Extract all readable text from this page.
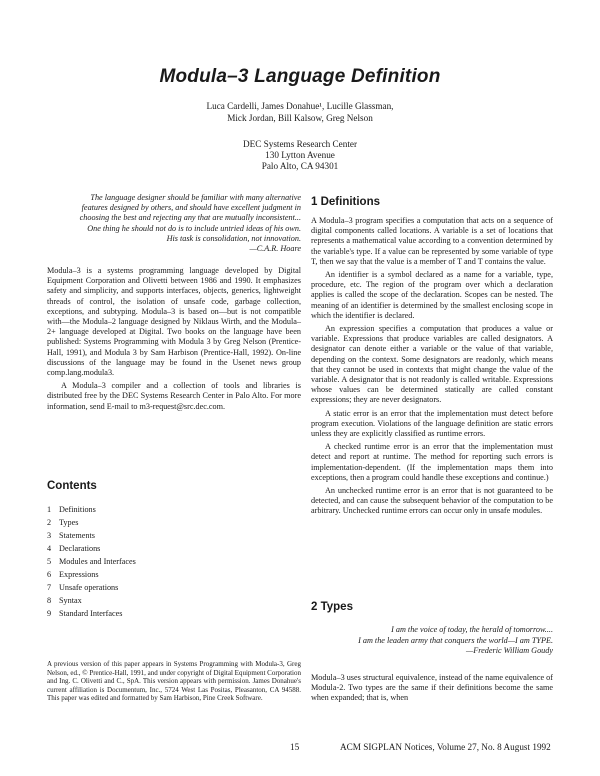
Modula–3 Language Definition
Luca Cardelli, James Donahue¹, Lucille Glassman,
Mick Jordan, Bill Kalsow, Greg Nelson
DEC Systems Research Center
130 Lytton Avenue
Palo Alto, CA 94301
The language designer should be familiar with many alternative features designed by others, and should have excellent judgment in choosing the best and rejecting any that are mutually inconsistent... One thing he should not do is to include untried ideas of his own. His task is consolidation, not innovation.
—C.A.R. Hoare

Modula–3 is a systems programming language developed by Digital Equipment Corporation and Olivetti between 1986 and 1990. It emphasizes safety and simplicity, and supports interfaces, objects, generics, lightweight threads of control, the isolation of unsafe code, garbage collection, exceptions, and subtyping. Modula–3 is based on—but is not compatible with—the Modula–2 language designed by Niklaus Wirth, and the Modula–2+ language developed at Digital. Two books on the language have been published: Systems Programming with Modula 3 by Greg Nelson (Prentice-Hall, 1991), and Modula 3 by Sam Harbison (Prentice-Hall, 1992). On-line discussions of the language may be found in the Usenet news group comp.lang.modula3.

A Modula–3 compiler and a collection of tools and libraries is distributed free by the DEC Systems Research Center in Palo Alto. For more information, send E-mail to m3-request@src.dec.com.

Contents
1 Definitions
2 Types
3 Statements
4 Declarations
5 Modules and Interfaces
6 Expressions
7 Unsafe operations
8 Syntax
9 Standard Interfaces
A previous version of this paper appears in Systems Programming with Modula-3, Greg Nelson, ed., © Prentice-Hall, 1991, and under copyright of Digital Equipment Corporation and Ing. C. Olivetti and C., SpA. This version appears with permission. James Donahue's current affiliation is Documentum, Inc., 5724 West Las Positas, Pleasanton, CA 94588. This paper was edited and formatted by Sam Harbison, Pine Creek Software.
1 Definitions

A Modula–3 program specifies a computation that acts on a sequence of digital components called locations. A variable is a set of locations that represents a mathematical value according to a convention determined by the variable's type. If a value can be represented by some variable of type T, then we say that the value is a member of T and T contains the value.

An identifier is a symbol declared as a name for a variable, type, procedure, etc. The region of the program over which a declaration applies is called the scope of the declaration. Scopes can be nested. The meaning of an identifier is determined by the smallest enclosing scope in which the identifier is declared.

An expression specifies a computation that produces a value or variable. Expressions that produce variables are called designators. A designator can denote either a variable or the value of that variable, depending on the context. Some designators are readonly, which means that they cannot be used in contexts that might change the value of the variable. A designator that is not readonly is called writable. Expressions whose values can be determined statically are called constant expressions; they are never designators.

A static error is an error that the implementation must detect before program execution. Violations of the language definition are static errors unless they are explicitly classified as runtime errors.

A checked runtime error is an error that the implementation must detect and report at runtime. The method for reporting such errors is implementation-dependent. (If the implementation maps them into exceptions, then a program could handle these exceptions and continue.)

An unchecked runtime error is an error that is not guaranteed to be detected, and can cause the subsequent behavior of the computation to be arbitrary. Unchecked runtime errors can occur only in unsafe modules.

2 Types
I am the voice of today, the herald of tomorrow....
I am the leaden army that conquers the world—I am TYPE.
—Frederic William Goudy

Modula–3 uses structural equivalence, instead of the name equivalence of Modula-2. Two types are the same if their definitions become the same when expanded; that is, when

15	ACM SIGPLAN Notices, Volume 27, No. 8 August 1992
